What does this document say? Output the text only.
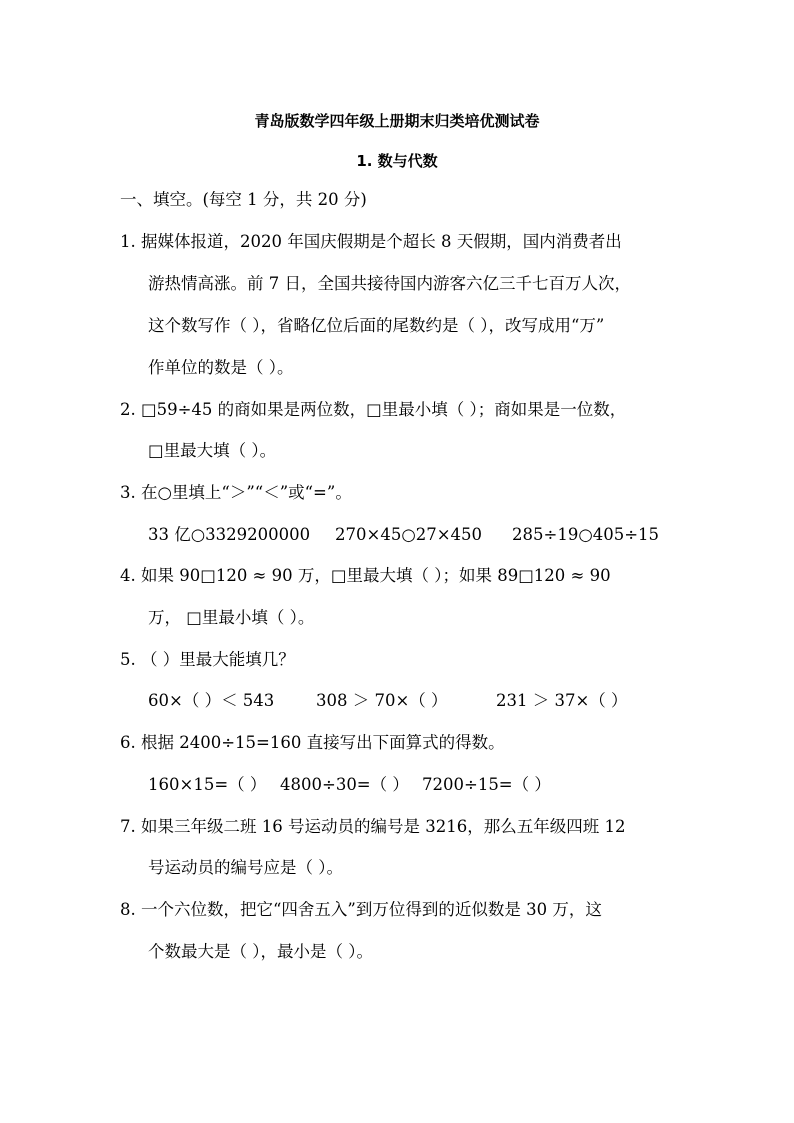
青岛版数学四年级上册期末归类培优测试卷
1. 数与代数
一、填空。(每空 1 分，共 20 分)
1. 据媒体报道，2020 年国庆假期是个超长 8 天假期，国内消费者出
游热情高涨。前 7 日，全国共接待国内游客六亿三千七百万人次，
这个数写作（ ），省略亿位后面的尾数约是（ ），改写成用“万”
作单位的数是（ ）。
2. □59÷45 的商如果是两位数，□里最小填（ ）；商如果是一位数，
□里最大填（ ）。
3. 在○里填上“＞”“＜”或“=”。
33 亿○3329200000 270×45○27×450 285÷19○405÷15
4. 如果 90□120 ≈ 90 万，□里最大填（ ）；如果 89□120 ≈ 90
万， □里最小填（ ）。
5. （ ）里最大能填几？
60×（ ）＜ 543	308 ＞ 70×（ ）	231 ＞ 37×（ ）
6. 根据 2400÷15=160 直接写出下面算式的得数。
160×15=（ ） 4800÷30=（ ） 7200÷15=（ ）
7. 如果三年级二班 16 号运动员的编号是 3216，那么五年级四班 12
号运动员的编号应是（ ）。
8. 一个六位数，把它“四舍五入”到万位得到的近似数是 30 万，这
个数最大是（ ），最小是（ ）。
